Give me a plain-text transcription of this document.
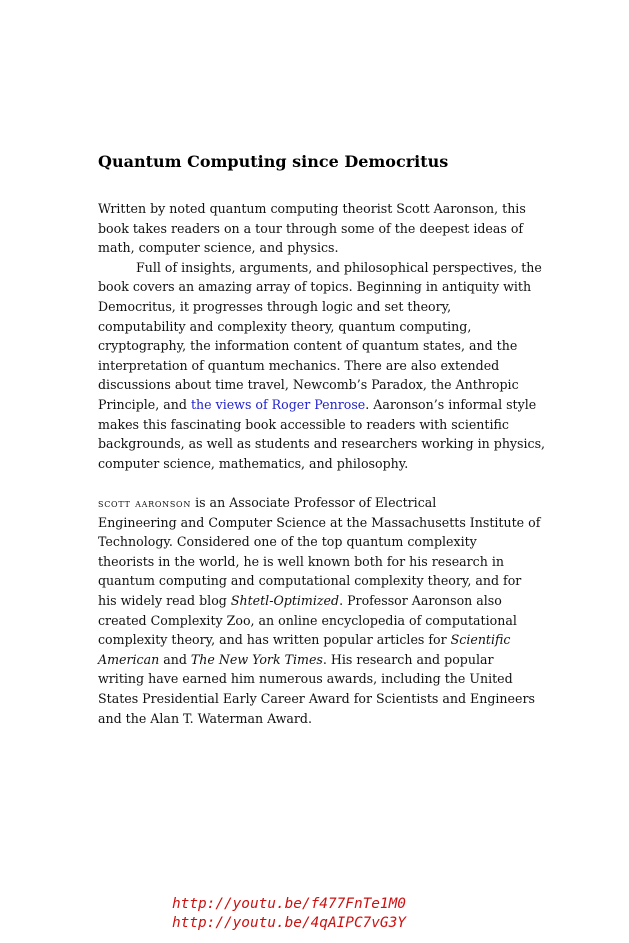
Quantum Computing since Democritus
Written by noted quantum computing theorist Scott Aaronson, this
book takes readers on a tour through some of the deepest ideas of
math, computer science, and physics.
Full of insights, arguments, and philosophical perspectives, the
book covers an amazing array of topics. Beginning in antiquity with
Democritus, it progresses through logic and set theory,
computability and complexity theory, quantum computing,
cryptography, the information content of quantum states, and the
interpretation of quantum mechanics. There are also extended
discussions about time travel, Newcomb’s Paradox, the Anthropic
Principle, and the views of Roger Penrose. Aaronson’s informal style
makes this fascinating book accessible to readers with scientific
backgrounds, as well as students and researchers working in physics,
computer science, mathematics, and philosophy.
scott aaronson is an Associate Professor of Electrical
Engineering and Computer Science at the Massachusetts Institute of
Technology. Considered one of the top quantum complexity
theorists in the world, he is well known both for his research in
quantum computing and computational complexity theory, and for
his widely read blog Shtetl-Optimized. Professor Aaronson also
created Complexity Zoo, an online encyclopedia of computational
complexity theory, and has written popular articles for Scientific
American and The New York Times. His research and popular
writing have earned him numerous awards, including the United
States Presidential Early Career Award for Scientists and Engineers
and the Alan T. Waterman Award.
http://youtu.be/f477FnTe1M0
http://youtu.be/4qAIPC7vG3Y
